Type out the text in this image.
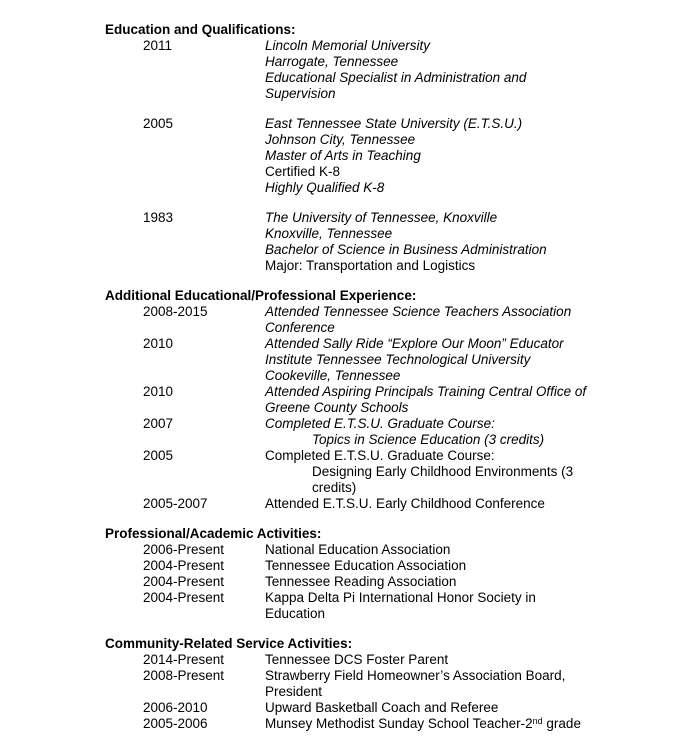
Education and Qualifications:
2011	Lincoln Memorial University
Harrogate, Tennessee
Educational Specialist in Administration and
Supervision
2005	East Tennessee State University (E.T.S.U.)
Johnson City, Tennessee
Master of Arts in Teaching
Certified K-8
Highly Qualified K-8
1983	The University of Tennessee, Knoxville
Knoxville, Tennessee
Bachelor of Science in Business Administration
Major: Transportation and Logistics
Additional Educational/Professional Experience:
2008-2015	Attended Tennessee Science Teachers Association
Conference
2010	Attended Sally Ride “Explore Our Moon” Educator
Institute Tennessee Technological University
Cookeville, Tennessee
2010	Attended Aspiring Principals Training Central Office of
Greene County Schools
2007	Completed E.T.S.U. Graduate Course:
Topics in Science Education (3 credits)
2005	Completed E.T.S.U. Graduate Course:
Designing Early Childhood Environments (3
credits)
2005-2007	Attended E.T.S.U. Early Childhood Conference
Professional/Academic Activities:
2006-Present	National Education Association
2004-Present	Tennessee Education Association
2004-Present	Tennessee Reading Association
2004-Present	Kappa Delta Pi International Honor Society in
Education
Community-Related Service Activities:
2014-Present	Tennessee DCS Foster Parent
2008-Present	Strawberry Field Homeowner’s Association Board,
President
2006-2010	Upward Basketball Coach and Referee
2005-2006	Munsey Methodist Sunday School Teacher-2nd grade
